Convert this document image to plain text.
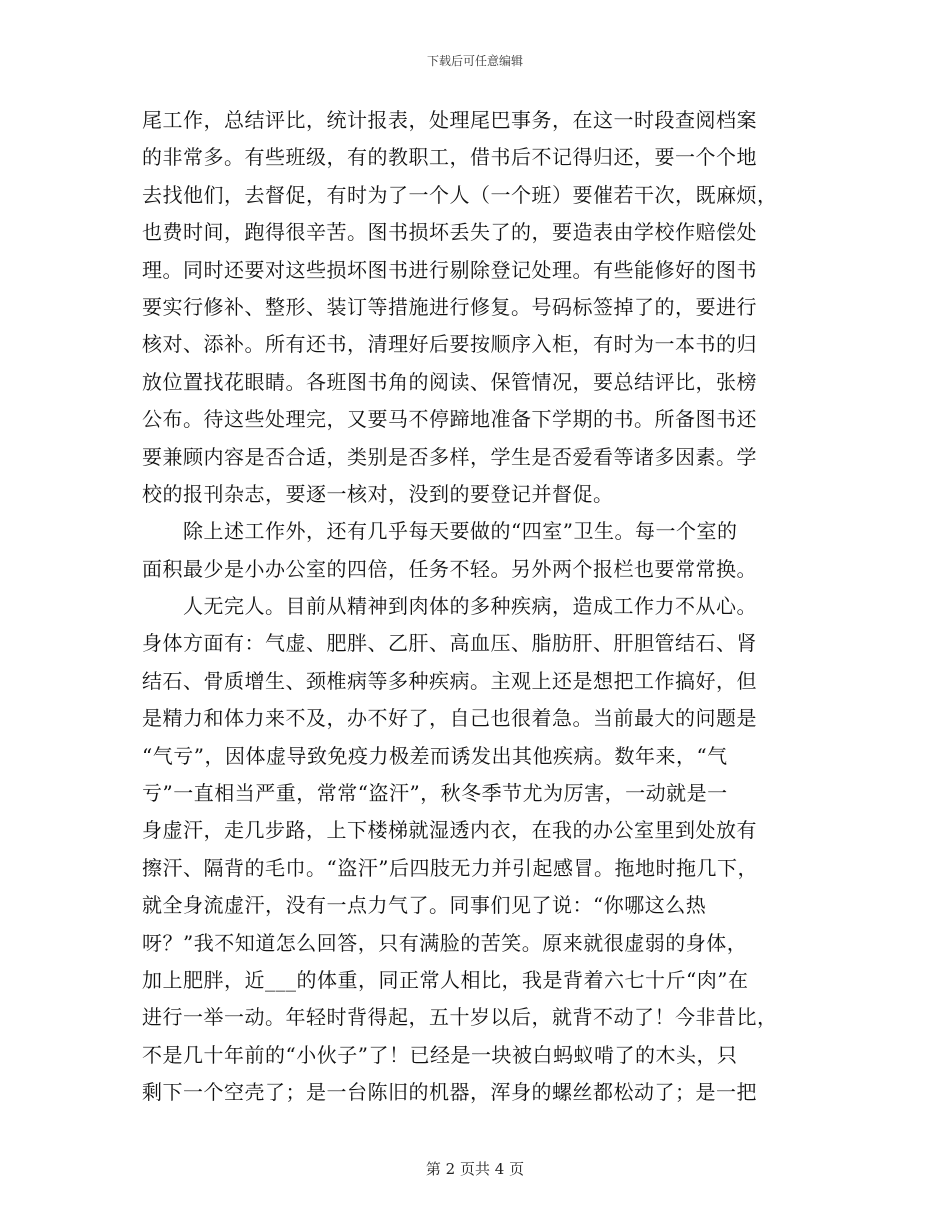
下载后可任意编辑
尾工作，总结评比，统计报表，处理尾巴事务，在这一时段查阅档案
的非常多。有些班级，有的教职工，借书后不记得归还，要一个个地
去找他们，去督促，有时为了一个人（一个班）要催若干次，既麻烦，
也费时间，跑得很辛苦。图书损坏丢失了的，要造表由学校作赔偿处
理。同时还要对这些损坏图书进行剔除登记处理。有些能修好的图书
要实行修补、整形、装订等措施进行修复。号码标签掉了的，要进行
核对、添补。所有还书，清理好后要按顺序入柜，有时为一本书的归
放位置找花眼睛。各班图书角的阅读、保管情况，要总结评比，张榜
公布。待这些处理完，又要马不停蹄地准备下学期的书。所备图书还
要兼顾内容是否合适，类别是否多样，学生是否爱看等诸多因素。学
校的报刊杂志，要逐一核对，没到的要登记并督促。
　　除上述工作外，还有几乎每天要做的“四室”卫生。每一个室的
面积最少是小办公室的四倍，任务不轻。另外两个报栏也要常常换。
　　人无完人。目前从精神到肉体的多种疾病，造成工作力不从心。
身体方面有：气虚、肥胖、乙肝、高血压、脂肪肝、肝胆管结石、肾
结石、骨质增生、颈椎病等多种疾病。主观上还是想把工作搞好，但
是精力和体力来不及，办不好了，自己也很着急。当前最大的问题是
“气亏”，因体虚导致免疫力极差而诱发出其他疾病。数年来，“气
亏”一直相当严重，常常“盗汗”，秋冬季节尤为厉害，一动就是一
身虚汗，走几步路，上下楼梯就湿透内衣，在我的办公室里到处放有
擦汗、隔背的毛巾。“盗汗”后四肢无力并引起感冒。拖地时拖几下，
就全身流虚汗，没有一点力气了。同事们见了说：“你哪这么热
呀？”我不知道怎么回答，只有满脸的苦笑。原来就很虚弱的身体，
加上肥胖，近___的体重，同正常人相比，我是背着六七十斤“肉”在
进行一举一动。年轻时背得起，五十岁以后，就背不动了！今非昔比，
不是几十年前的“小伙子”了！已经是一块被白蚂蚁啃了的木头，只
剩下一个空壳了；是一台陈旧的机器，浑身的螺丝都松动了；是一把
第 2 页共 4 页
